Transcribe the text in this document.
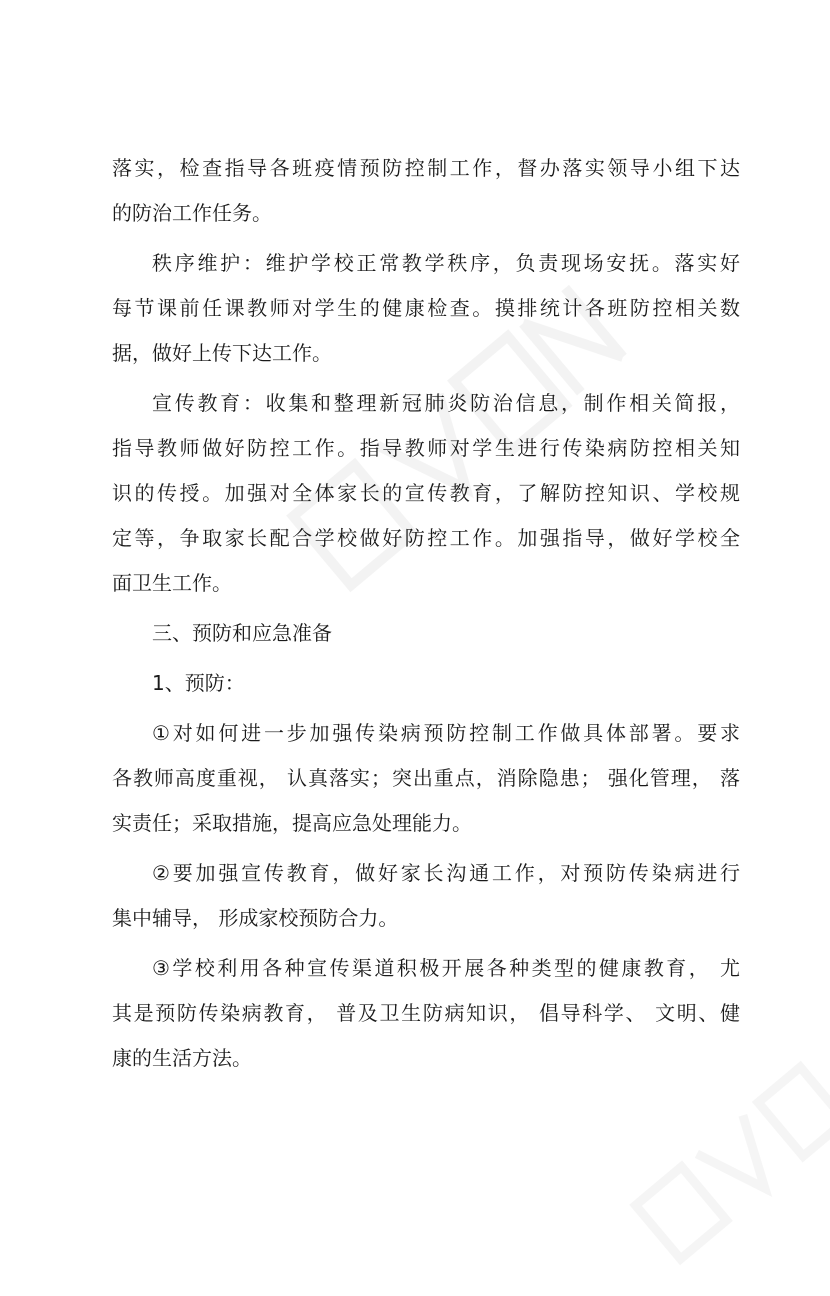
落实，检查指导各班疫情预防控制工作，督办落实领导小组下达
的防治工作任务。
秩序维护：维护学校正常教学秩序，负责现场安抚。落实好
每节课前任课教师对学生的健康检查。摸排统计各班防控相关数
据，做好上传下达工作。
宣传教育：收集和整理新冠肺炎防治信息，制作相关简报，
指导教师做好防控工作。指导教师对学生进行传染病防控相关知
识的传授。加强对全体家长的宣传教育，了解防控知识、学校规
定等，争取家长配合学校做好防控工作。加强指导，做好学校全
面卫生工作。
三、预防和应急准备
1、预防：
①对如何进一步加强传染病预防控制工作做具体部署。要求
各教师高度重视， 认真落实；突出重点，消除隐患； 强化管理， 落
实责任；采取措施，提高应急处理能力。
②要加强宣传教育，做好家长沟通工作，对预防传染病进行
集中辅导， 形成家校预防合力。
③学校利用各种宣传渠道积极开展各种类型的健康教育， 尤
其是预防传染病教育， 普及卫生防病知识， 倡导科学、 文明、健
康的生活方法。
